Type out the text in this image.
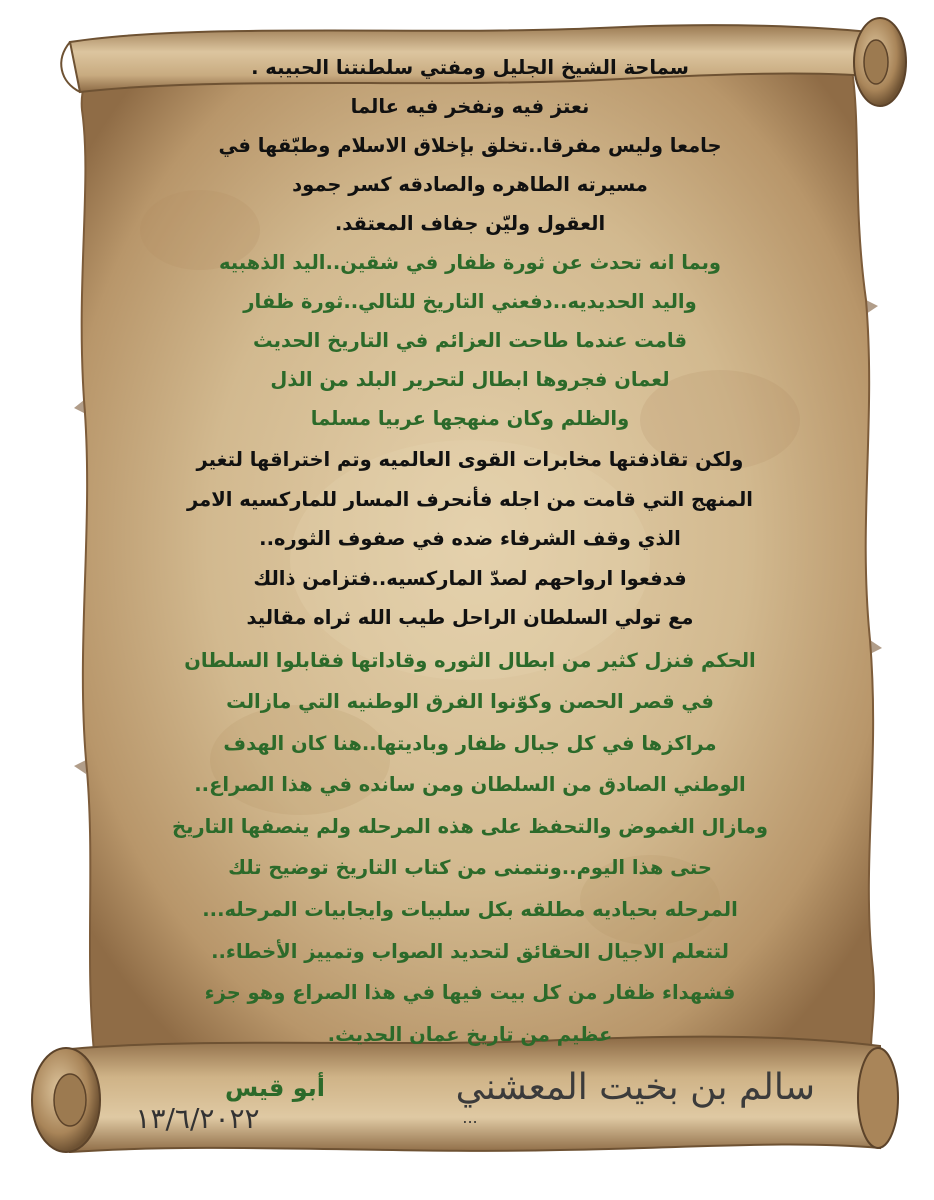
سماحة الشيخ الجليل ومفتي سلطنتنا الحبيبه .
نعتز فيه ونفخر فيه عالما
جامعا وليس مفرقا..تخلق بإخلاق الاسلام وطبّقها في
مسيرته الطاهره والصادقه كسر جمود
العقول وليّن جفاف المعتقد.
وبما انه تحدث عن ثورة ظفار في شقين..اليد الذهبيه
واليد الحديديه..دفعني التاريخ للتالي..ثورة ظفار
قامت عندما طاحت العزائم في التاريخ الحديث
لعمان فجروها ابطال لتحرير البلد من الذل
والظلم وكان منهجها عربيا مسلما
ولكن تقاذفتها مخابرات القوى العالميه وتم اختراقها لتغير
المنهج التي قامت من اجله فأنحرف المسار للماركسيه الامر
الذي وقف الشرفاء ضده في صفوف الثوره..
فدفعوا ارواحهم لصدّ الماركسيه..فتزامن ذالك
مع تولي السلطان الراحل طيب الله ثراه مقاليد
الحكم فنزل كثير من ابطال الثوره وقاداتها فقابلوا السلطان
في قصر الحصن وكوّنوا الفرق الوطنيه التي مازالت
مراكزها في كل جبال ظفار وباديتها..هنا كان الهدف
الوطني الصادق من السلطان ومن سانده في هذا الصراع..
ومازال الغموض والتحفظ على هذه المرحله ولم ينصفها التاريخ
حتى هذا اليوم..ونتمنى من كتاب التاريخ توضيح تلك
المرحله بحياديه مطلقه بكل سلبيات وايجابيات المرحله...
لتتعلم الاجيال الحقائق لتحديد الصواب وتمييز الأخطاء..
فشهداء ظفار من كل بيت فيها في هذا الصراع وهو جزء
عظيم من تاريخ عمان الحديث.
سالم بن بخيت المعشني
...
أبو قيس
١٣/٦/٢٠٢٢
